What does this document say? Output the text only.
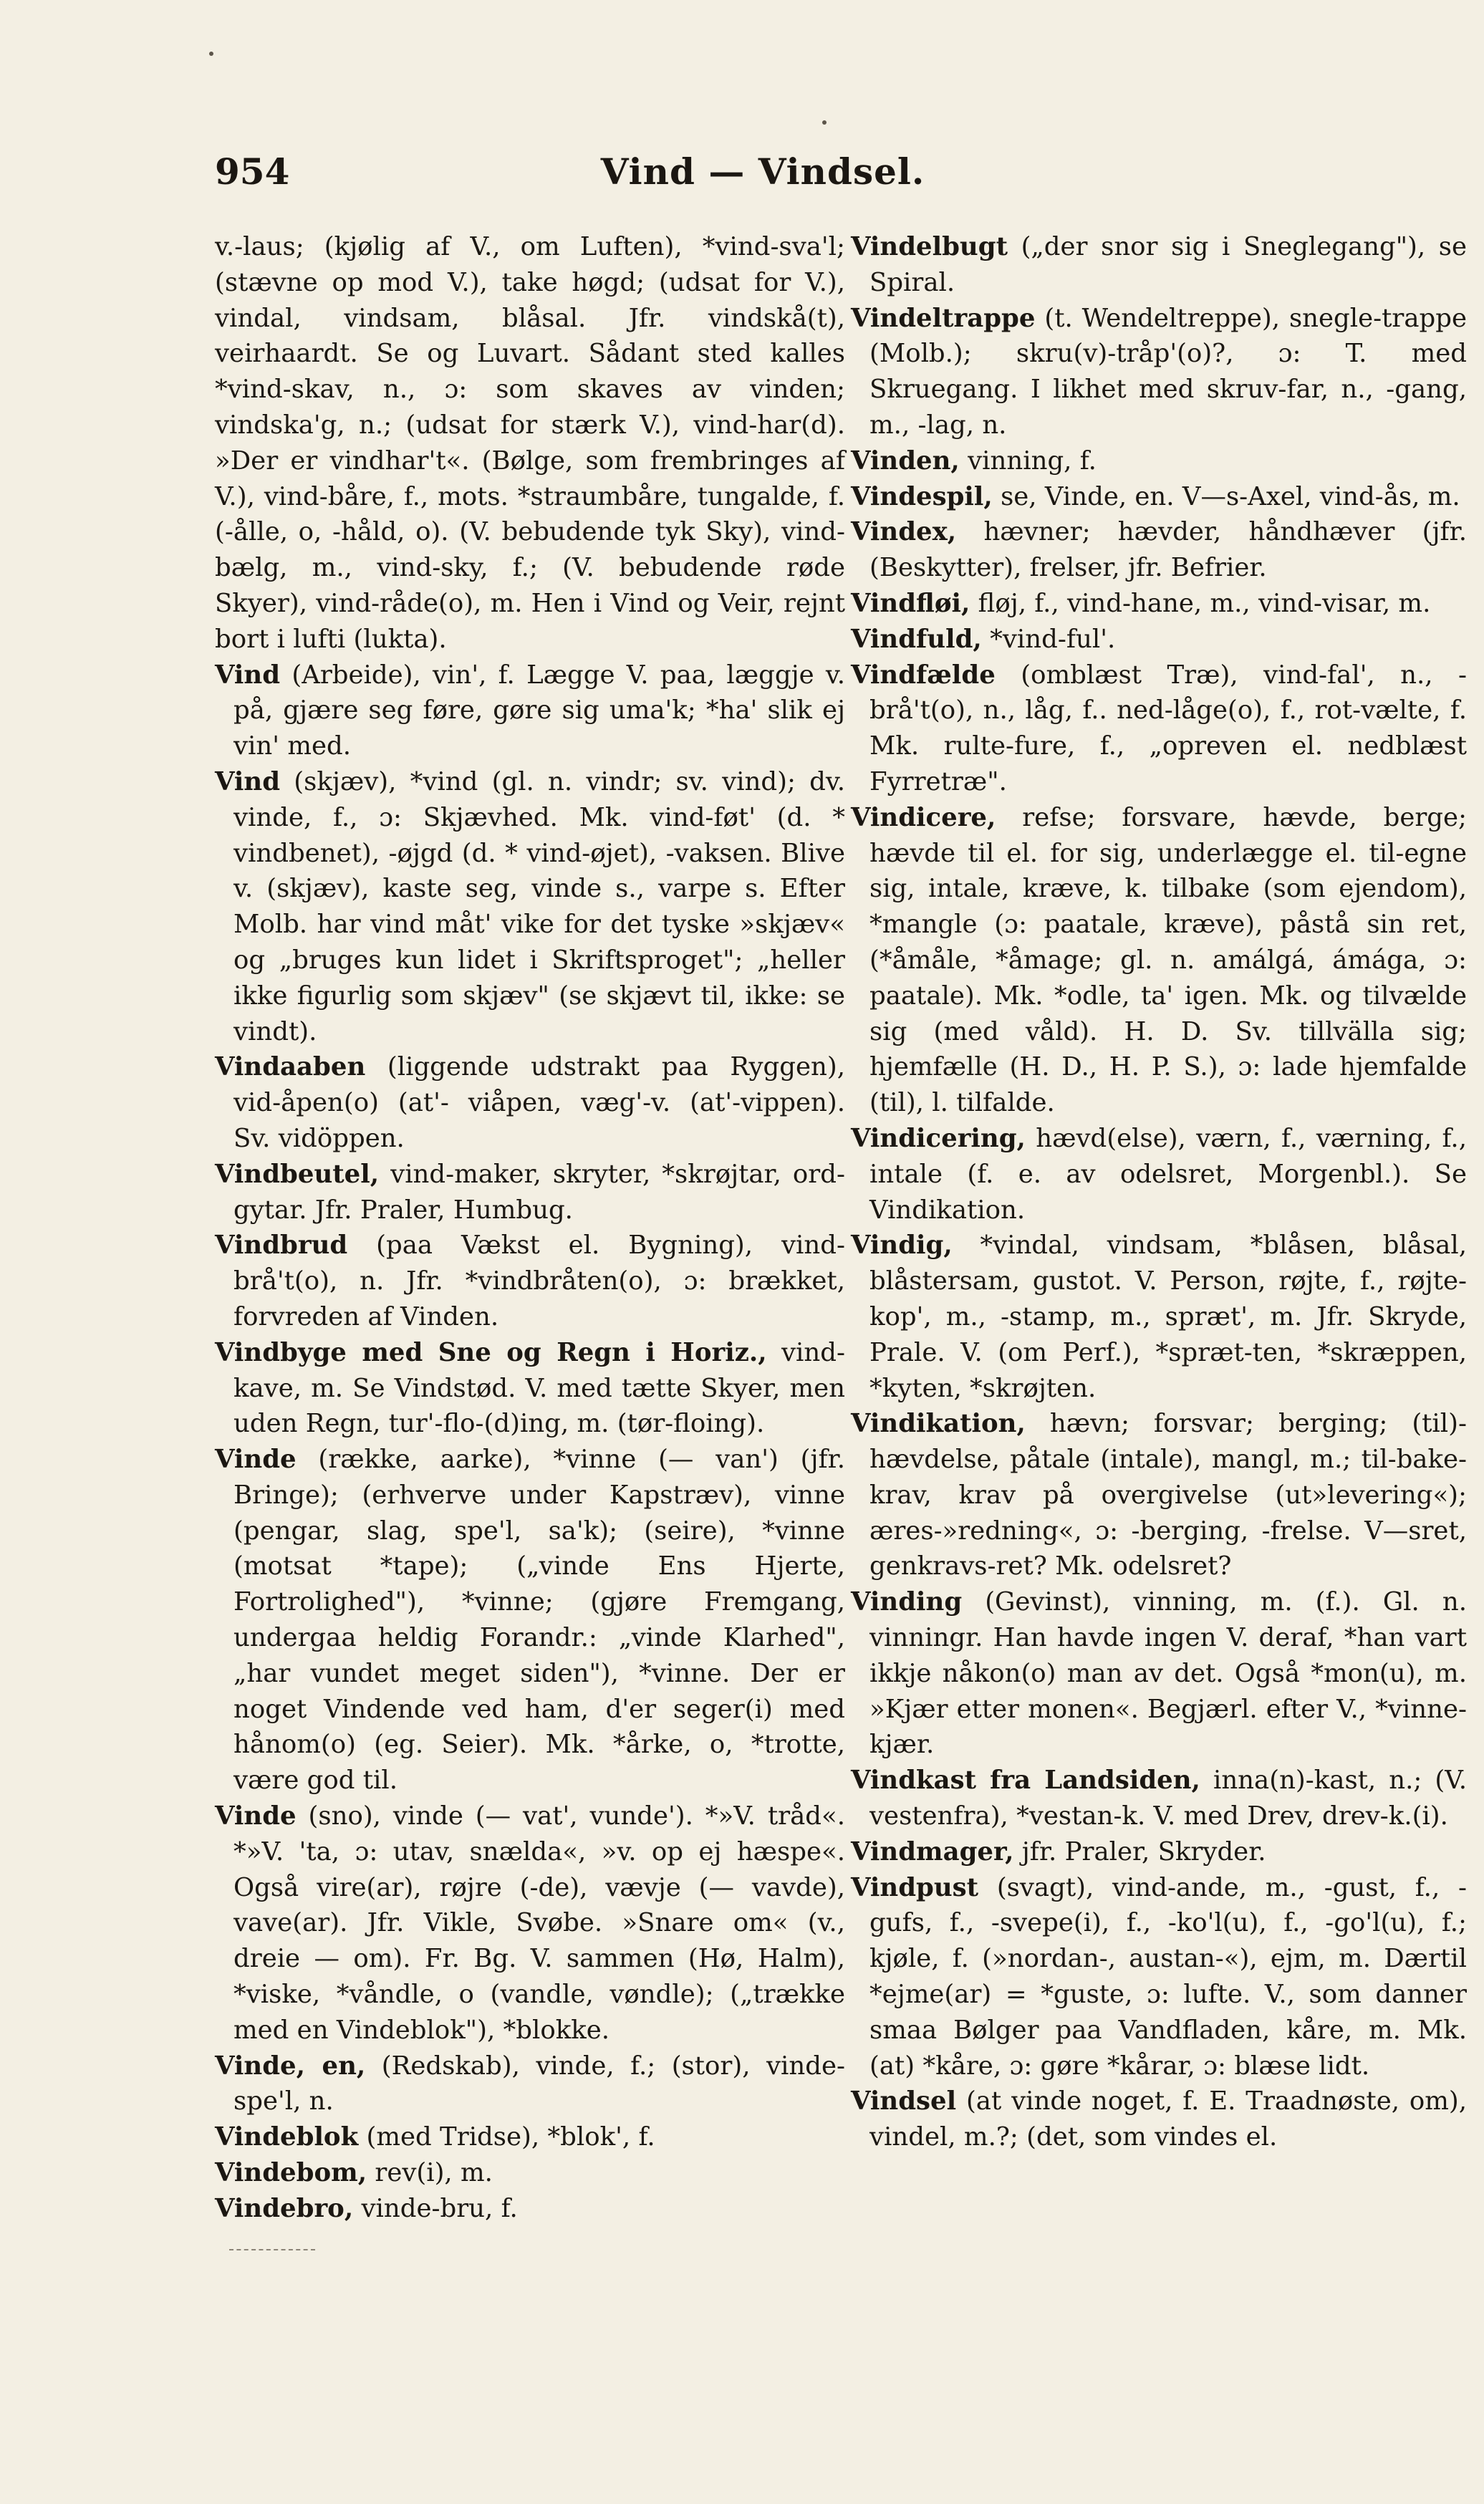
954	Vind — Vindsel.
v.-laus; (kjølig af V., om Luften), *vind-sva'l; (stævne op mod V.), take høgd; (udsat for V.), vindal, vindsam, blåsal. Jfr. vindskå(t), veirhaardt. Se og Luvart. Sådant sted kalles *vind-skav, n., ɔ: som skaves av vinden; vindska'g, n.; (udsat for stærk V.), vind-har(d). »Der er vindhar't«. (Bølge, som frembringes af V.), vind-båre, f., mots. *straumbåre, tungalde, f. (-ålle, o, -håld, o). (V. bebudende tyk Sky), vind-bælg, m., vind-sky, f.; (V. bebudende røde Skyer), vind-råde(o), m. Hen i Vind og Veir, rejnt bort i lufti (lukta).
Vind (Arbeide), vin', f. Lægge V. paa, læggje v. på, gjære seg føre, gøre sig uma'k; *ha' slik ej vin' med.
Vind (skjæv), *vind (gl. n. vindr; sv. vind); dv. vinde, f., ɔ: Skjævhed. Mk. vind-føt' (d. * vindbenet), -øjgd (d. * vind-øjet), -vaksen. Blive v. (skjæv), kaste seg, vinde s., varpe s. Efter Molb. har vind måt' vike for det tyske »skjæv« og „bruges kun lidet i Skriftsproget"; „heller ikke figurlig som skjæv" (se skjævt til, ikke: se vindt).
Vindaaben (liggende udstrakt paa Ryggen), vid-åpen(o) (at'- viåpen, væg'-v. (at'-vippen). Sv. vidöppen.
Vindbeutel, vind-maker, skryter, *skrøjtar, ord-gytar. Jfr. Praler, Humbug.
Vindbrud (paa Vækst el. Bygning), vind-brå't(o), n. Jfr. *vindbråten(o), ɔ: brækket, forvreden af Vinden.
Vindbyge med Sne og Regn i Horiz., vind-kave, m. Se Vindstød. V. med tætte Skyer, men uden Regn, tur'-flo-(d)ing, m. (tør-floing).
Vinde (række, aarke), *vinne (— van') (jfr. Bringe); (erhverve under Kapstræv), vinne (pengar, slag, spe'l, sa'k); (seire), *vinne (motsat *tape); („vinde Ens Hjerte, Fortrolighed"), *vinne; (gjøre Fremgang, undergaa heldig Forandr.: „vinde Klarhed", „har vundet meget siden"), *vinne. Der er noget Vindende ved ham, d'er seger(i) med hånom(o) (eg. Seier). Mk. *årke, o, *trotte, være god til.
Vinde (sno), vinde (— vat', vunde'). *»V. tråd«. *»V. 'ta, ɔ: utav, snælda«, »v. op ej hæspe«. Også vire(ar), røjre (-de), vævje (— vavde), vave(ar). Jfr. Vikle, Svøbe. »Snare om« (v., dreie — om). Fr. Bg. V. sammen (Hø, Halm), *viske, *våndle, o (vandle, vøndle); („trække med en Vindeblok"), *blokke.
Vinde, en, (Redskab), vinde, f.; (stor), vinde-spe'l, n.
Vindeblok (med Tridse), *blok', f.
Vindebom, rev(i), m.
Vindebro, vinde-bru, f.
Vindelbugt („der snor sig i Sneglegang"), se Spiral.
Vindeltrappe (t. Wendeltreppe), snegle-trappe (Molb.); skru(v)-tråp'(o)?, ɔ: T. med Skruegang. I likhet med skruv-far, n., -gang, m., -lag, n.
Vinden, vinning, f.
Vindespil, se, Vinde, en. V—s-Axel, vind-ås, m.
Vindex, hævner; hævder, håndhæver (jfr. (Beskytter), frelser, jfr. Befrier.
Vindfløi, fløj, f., vind-hane, m., vind-visar, m.
Vindfuld, *vind-ful'.
Vindfælde (omblæst Træ), vind-fal', n., -brå't(o), n., låg, f.. ned-låge(o), f., rot-vælte, f. Mk. rulte-fure, f., „opreven el. nedblæst Fyrretræ".
Vindicere, refse; forsvare, hævde, berge; hævde til el. for sig, underlægge el. til-egne sig, intale, kræve, k. tilbake (som ejendom), *mangle (ɔ: paatale, kræve), påstå sin ret, (*åmåle, *åmage; gl. n. amálgá, ámága, ɔ: paatale). Mk. *odle, ta' igen. Mk. og tilvælde sig (med våld). H. D. Sv. tillvälla sig; hjemfælle (H. D., H. P. S.), ɔ: lade hjemfalde (til), l. tilfalde.
Vindicering, hævd(else), værn, f., værning, f., intale (f. e. av odelsret, Morgenbl.). Se Vindikation.
Vindig, *vindal, vindsam, *blåsen, blåsal, blåstersam, gustot. V. Person, røjte, f., røjte-kop', m., -stamp, m., spræt', m. Jfr. Skryde, Prale. V. (om Perf.), *spræt-ten, *skræppen, *kyten, *skrøjten.
Vindikation, hævn; forsvar; berging; (til)-hævdelse, påtale (intale), mangl, m.; til-bake-krav, krav på overgivelse (ut»levering«); æres-»redning«, ɔ: -berging, -frelse. V—sret, genkravs-ret? Mk. odelsret?
Vinding (Gevinst), vinning, m. (f.). Gl. n. vinningr. Han havde ingen V. deraf, *han vart ikkje nåkon(o) man av det. Også *mon(u), m. »Kjær etter monen«. Begjærl. efter V., *vinne-kjær.
Vindkast fra Landsiden, inna(n)-kast, n.; (V. vestenfra), *vestan-k. V. med Drev, drev-k.(i).
Vindmager, jfr. Praler, Skryder.
Vindpust (svagt), vind-ande, m., -gust, f., -gufs, f., -svepe(i), f., -ko'l(u), f., -go'l(u), f.; kjøle, f. (»nordan-, austan-«), ejm, m. Dærtil *ejme(ar) = *guste, ɔ: lufte. V., som danner smaa Bølger paa Vandfladen, kåre, m. Mk. (at) *kåre, ɔ: gøre *kårar, ɔ: blæse lidt.
Vindsel (at vinde noget, f. E. Traadnøste, om), vindel, m.?; (det, som vindes el.
